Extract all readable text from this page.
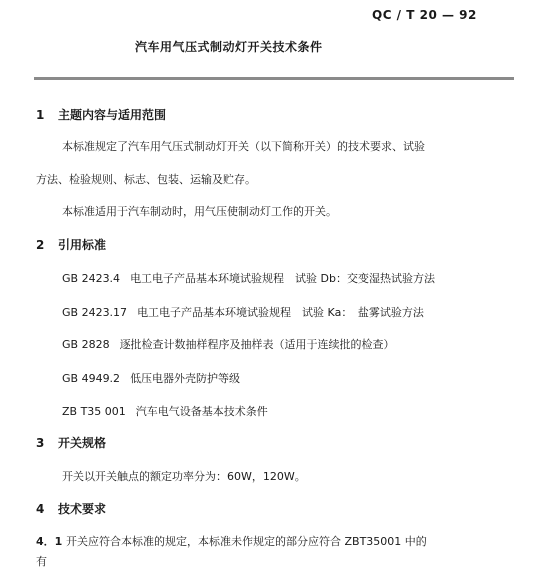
QC / T 20 — 92
汽车用气压式制动灯开关技术条件
1 主题内容与适用范围
本标准规定了汽车用气压式制动灯开关（以下简称开关）的技术要求、试验
方法、检验规则、标志、包装、运输及贮存。
本标准适用于汽车制动时，用气压使制动灯工作的开关。
2 引用标准
GB 2423.4 电工电子产品基本环境试验规程　试验 Db：交变湿热试验方法
GB 2423.17 电工电子产品基本环境试验规程　试验 Ka：　盐雾试验方法
GB 2828 逐批检查计数抽样程序及抽样表（适用于连续批的检查）
GB 4949.2 低压电器外壳防护等级
ZB T35 001 汽车电气设备基本技术条件
3 开关规格
开关以开关触点的额定功率分为：60W，120W。
4 技术要求
4．1 开关应符合本标准的规定，本标准未作规定的部分应符合 ZBT35001 中的
有
